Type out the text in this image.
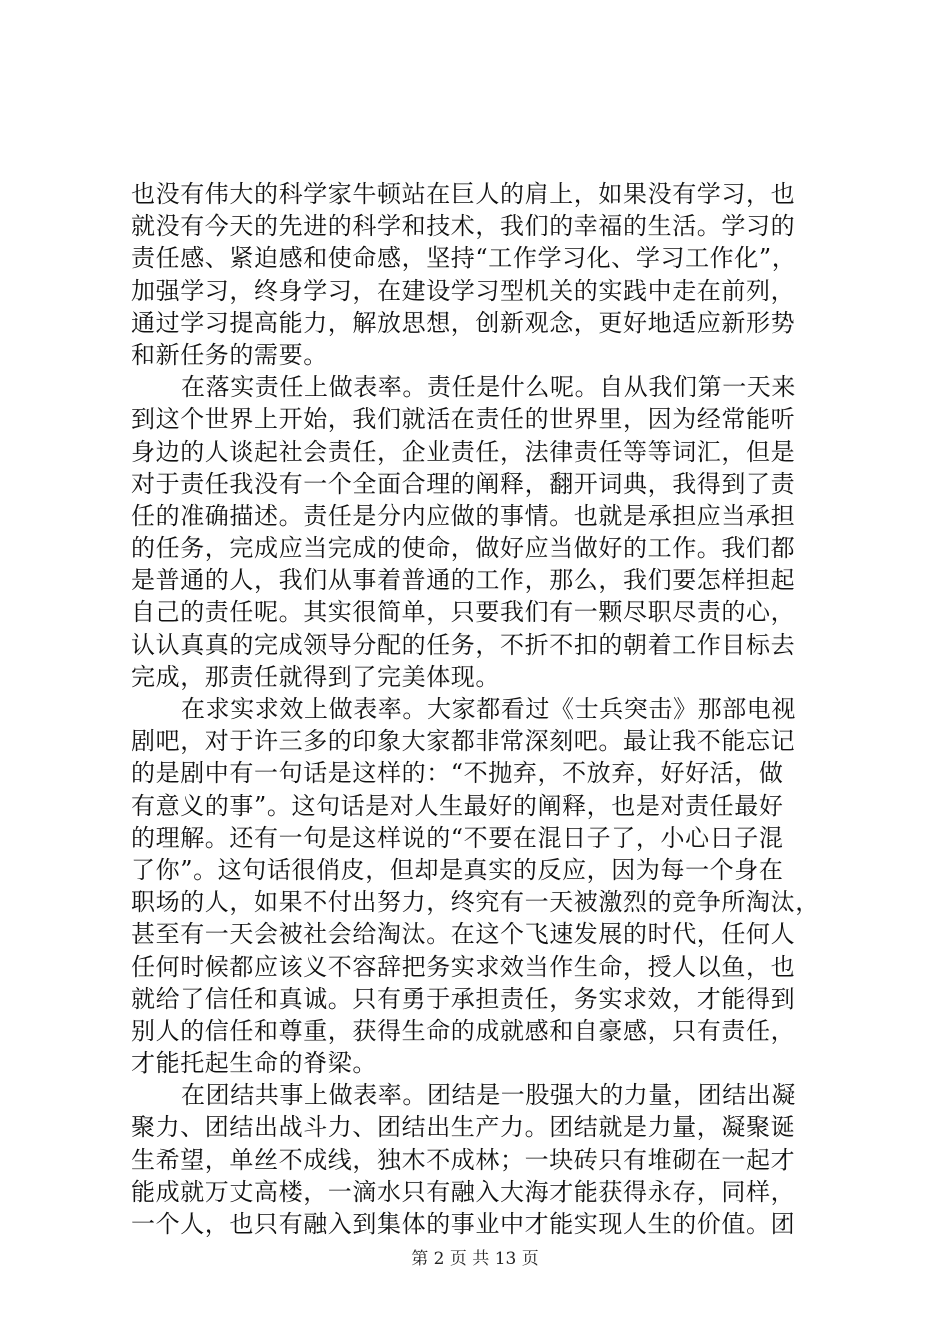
也没有伟大的科学家牛顿站在巨人的肩上，如果没有学习，也
就没有今天的先进的科学和技术，我们的幸福的生活。学习的
责任感、紧迫感和使命感，坚持“工作学习化、学习工作化”，
加强学习，终身学习，在建设学习型机关的实践中走在前列，
通过学习提高能力，解放思想，创新观念，更好地适应新形势
和新任务的需要。
在落实责任上做表率。责任是什么呢。自从我们第一天来
到这个世界上开始，我们就活在责任的世界里，因为经常能听
身边的人谈起社会责任，企业责任，法律责任等等词汇，但是
对于责任我没有一个全面合理的阐释，翻开词典，我得到了责
任的准确描述。责任是分内应做的事情。也就是承担应当承担
的任务，完成应当完成的使命，做好应当做好的工作。我们都
是普通的人，我们从事着普通的工作，那么，我们要怎样担起
自己的责任呢。其实很简单，只要我们有一颗尽职尽责的心，
认认真真的完成领导分配的任务，不折不扣的朝着工作目标去
完成，那责任就得到了完美体现。
在求实求效上做表率。大家都看过《士兵突击》那部电视
剧吧，对于许三多的印象大家都非常深刻吧。最让我不能忘记
的是剧中有一句话是这样的：“不抛弃，不放弃，好好活，做
有意义的事”。这句话是对人生最好的阐释，也是对责任最好
的理解。还有一句是这样说的“不要在混日子了，小心日子混
了你”。这句话很俏皮，但却是真实的反应，因为每一个身在
职场的人，如果不付出努力，终究有一天被激烈的竞争所淘汰，
甚至有一天会被社会给淘汰。在这个飞速发展的时代，任何人
任何时候都应该义不容辞把务实求效当作生命，授人以鱼，也
就给了信任和真诚。只有勇于承担责任，务实求效，才能得到
别人的信任和尊重，获得生命的成就感和自豪感，只有责任，
才能托起生命的脊梁。
在团结共事上做表率。团结是一股强大的力量，团结出凝
聚力、团结出战斗力、团结出生产力。团结就是力量，凝聚诞
生希望，单丝不成线，独木不成林；一块砖只有堆砌在一起才
能成就万丈高楼，一滴水只有融入大海才能获得永存，同样，
一个人，也只有融入到集体的事业中才能实现人生的价值。团
第 2 页 共 13 页
